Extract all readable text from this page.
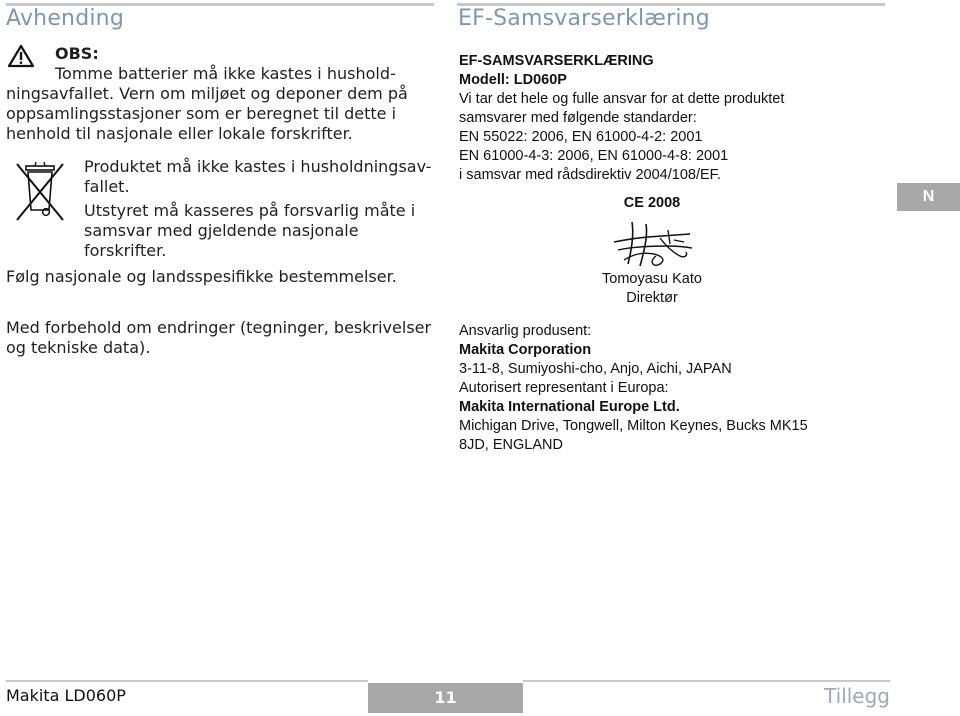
Avhending
OBS:
Tomme batterier må ikke kastes i hushold-
ningsavfallet. Vern om miljøet og deponer dem på
oppsamlingsstasjoner som er beregnet til dette i
henhold til nasjonale eller lokale forskrifter.
Produktet må ikke kastes i husholdningsav-
fallet.
Utstyret må kasseres på forsvarlig måte i
samsvar med gjeldende nasjonale
forskrifter.
Følg nasjonale og landsspesifikke bestemmelser.
Med forbehold om endringer (tegninger, beskrivelser
og tekniske data).
EF-Samsvarserklæring
EF-SAMSVARSERKLÆRING
Modell: LD060P
Vi tar det hele og fulle ansvar for at dette produktet
samsvarer med følgende standarder:
EN 55022: 2006, EN 61000-4-2: 2001
EN 61000-4-3: 2006, EN 61000-4-8: 2001
i samsvar med rådsdirektiv 2004/108/EF.
CE 2008
Tomoyasu Kato
Direktør
Ansvarlig produsent:
Makita Corporation
3-11-8, Sumiyoshi-cho, Anjo, Aichi, JAPAN
Autorisert representant i Europa:
Makita International Europe Ltd.
Michigan Drive, Tongwell, Milton Keynes, Bucks MK15
8JD, ENGLAND
N
Makita LD060P	11	Tillegg
